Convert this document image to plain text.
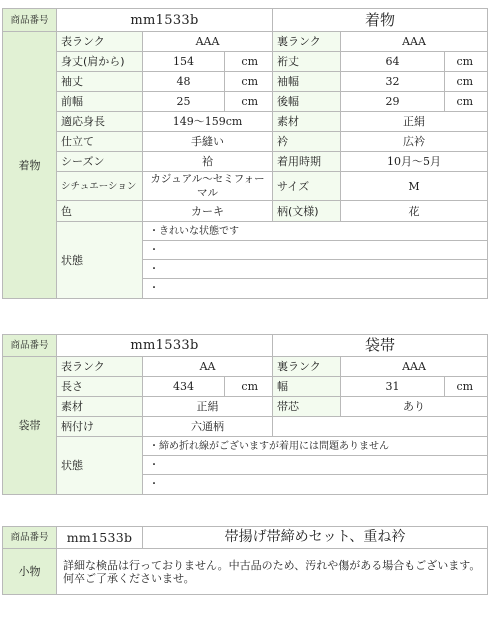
商品番号	mm1533b			着物		
着物	表ランク	AAA		裏ランク	AAA	
	身丈(肩から)	154	cm	裄丈	64	cm
	袖丈	48	cm	袖幅	32	cm
	前幅	25	cm	後幅	29	cm
	適応身長	149～159cm		素材	正絹	
	仕立て	手縫い		衿	広衿	
	シーズン	袷		着用時期	10月～5月	
	シチュエーション	カジュアル～セミフォーマル		サイズ	M	
	色	カーキ		柄(文様)	花	
	状態	・きれいな状態です				
		・				
		・				
		・				
商品番号	mm1533b			袋帯		
袋帯	表ランク	AA		裏ランク	AAA	
	長さ	434	cm	幅	31	cm
	素材	正絹		帯芯	あり	
	柄付け	六通柄				
	状態	・締め折れ線がございますが着用には問題ありません				
		・				
		・				
商品番号	mm1533b	帯揚げ帯締めセット、重ね衿
小物	詳細な検品は行っておりません。中古品のため、汚れや傷がある場合もございます。何卒ご了承くださいませ。	
